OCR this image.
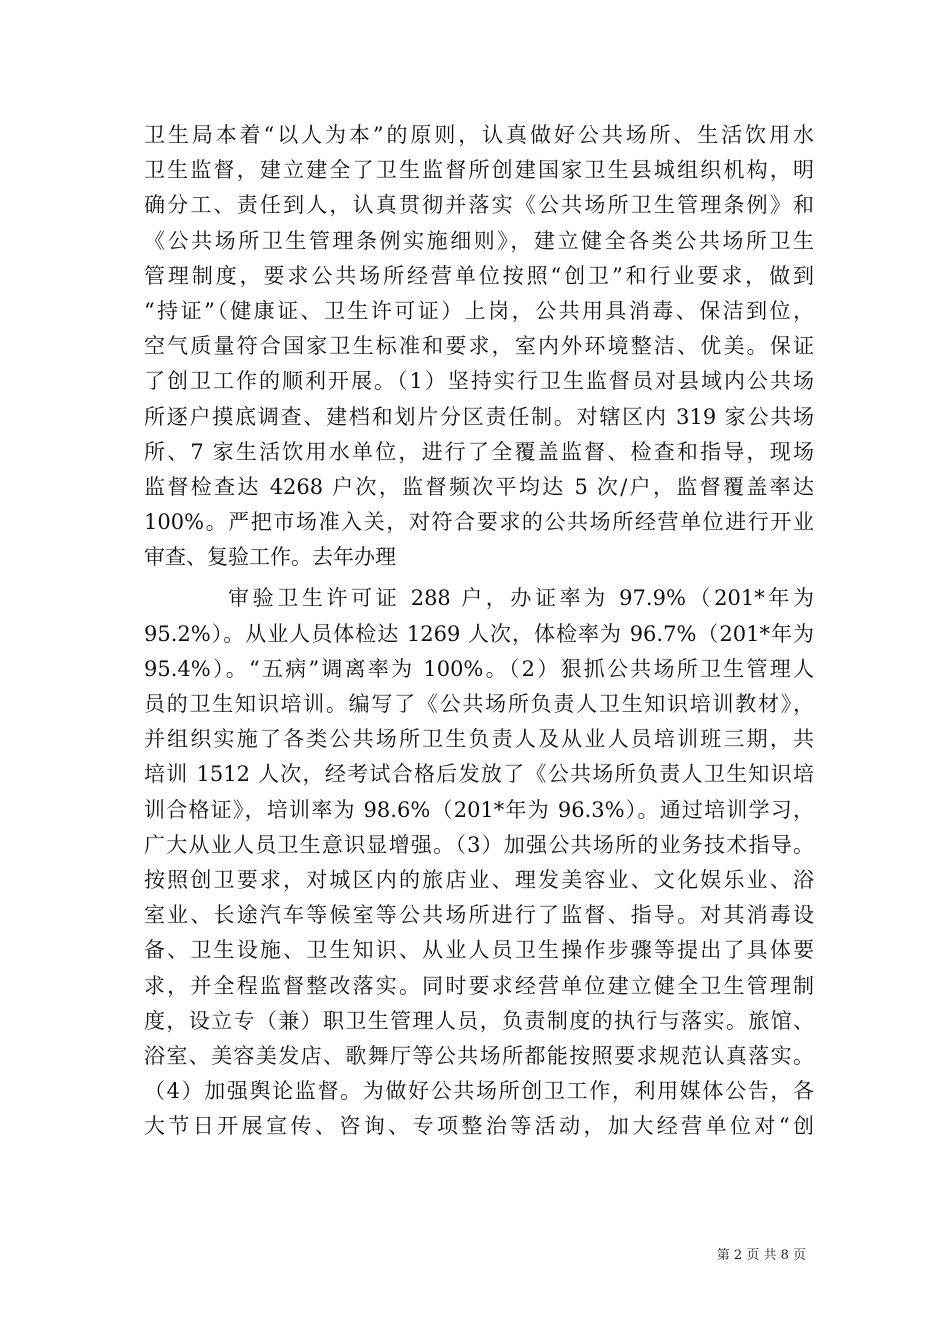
卫生局本着“以人为本”的原则，认真做好公共场所、生活饮用水
卫生监督，建立建全了卫生监督所创建国家卫生县城组织机构，明
确分工、责任到人，认真贯彻并落实《公共场所卫生管理条例》和
《公共场所卫生管理条例实施细则》，建立健全各类公共场所卫生
管理制度，要求公共场所经营单位按照“创卫”和行业要求，做到
“持证”（健康证、卫生许可证）上岗，公共用具消毒、保洁到位，
空气质量符合国家卫生标准和要求，室内外环境整洁、优美。保证
了创卫工作的顺利开展。（1）坚持实行卫生监督员对县域内公共场
所逐户摸底调查、建档和划片分区责任制。对辖区内 319 家公共场
所、7 家生活饮用水单位，进行了全覆盖监督、检查和指导，现场
监督检查达 4268 户次，监督频次平均达 5 次/户，监督覆盖率达
100%。严把市场准入关，对符合要求的公共场所经营单位进行开业
审查、复验工作。去年办理
审验卫生许可证 288 户，办证率为 97.9%（201*年为
95.2%）。从业人员体检达 1269 人次，体检率为 96.7%（201*年为
95.4%）。“五病”调离率为 100%。（2）狠抓公共场所卫生管理人
员的卫生知识培训。编写了《公共场所负责人卫生知识培训教材》，
并组织实施了各类公共场所卫生负责人及从业人员培训班三期，共
培训 1512 人次，经考试合格后发放了《公共场所负责人卫生知识培
训合格证》，培训率为 98.6%（201*年为 96.3%）。通过培训学习，
广大从业人员卫生意识显增强。（3）加强公共场所的业务技术指导。
按照创卫要求，对城区内的旅店业、理发美容业、文化娱乐业、浴
室业、长途汽车等候室等公共场所进行了监督、指导。对其消毒设
备、卫生设施、卫生知识、从业人员卫生操作步骤等提出了具体要
求，并全程监督整改落实。同时要求经营单位建立健全卫生管理制
度，设立专（兼）职卫生管理人员，负责制度的执行与落实。旅馆、
浴室、美容美发店、歌舞厅等公共场所都能按照要求规范认真落实。
（4）加强舆论监督。为做好公共场所创卫工作，利用媒体公告，各
大节日开展宣传、咨询、专项整治等活动，加大经营单位对“创
第 2 页 共 8 页
